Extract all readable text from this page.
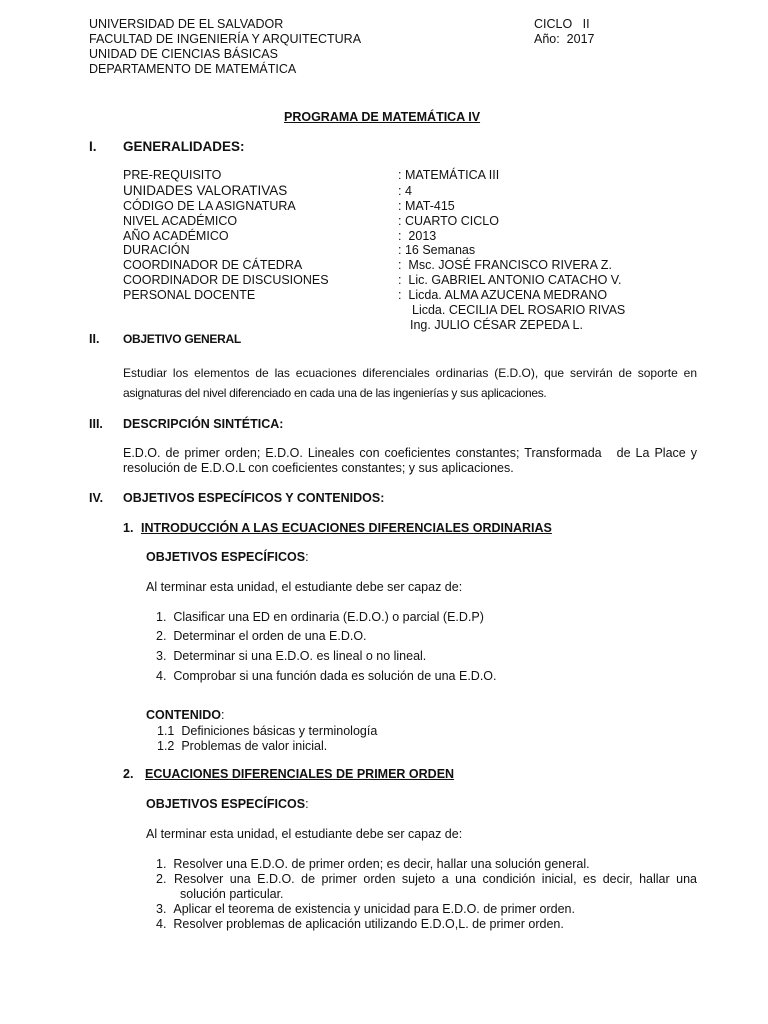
UNIVERSIDAD DE EL SALVADOR
FACULTAD DE INGENIERÍA Y ARQUITECTURA
UNIDAD DE CIENCIAS BÁSICAS
DEPARTAMENTO DE MATEMÁTICA
CICLO   II
Año:  2017
PROGRAMA DE MATEMÁTICA IV
I. GENERALIDADES:
PRE-REQUISITO	: MATEMÁTICA III
UNIDADES VALORATIVAS	: 4
CÓDIGO DE LA ASIGNATURA	: MAT-415
NIVEL ACADÉMICO	: CUARTO CICLO
AÑO ACADÉMICO	:  2013
DURACIÓN	: 16 Semanas
COORDINADOR DE CÁTEDRA	:  Msc. JOSÉ FRANCISCO RIVERA Z.
COORDINADOR DE DISCUSIONES	:  Lic. GABRIEL ANTONIO CATACHO V.
PERSONAL DOCENTE	:  Licda. ALMA AZUCENA MEDRANO
Licda. CECILIA DEL ROSARIO RIVAS
Ing. JULIO CÉSAR ZEPEDA L.
II. OBJETIVO GENERAL
Estudiar los elementos de las ecuaciones diferenciales ordinarias (E.D.O), que servirán de soporte en
asignaturas del nivel diferenciado en cada una de las ingenierías y sus aplicaciones.
III. DESCRIPCIÓN SINTÉTICA:
E.D.O. de primer orden; E.D.O. Lineales con coeficientes constantes; Transformada   de La Place y
resolución de E.D.O.L con coeficientes constantes; y sus aplicaciones.
IV. OBJETIVOS ESPECÍFICOS Y CONTENIDOS:
1. INTRODUCCIÓN A LAS ECUACIONES DIFERENCIALES ORDINARIAS
OBJETIVOS ESPECÍFICOS:
Al terminar esta unidad, el estudiante debe ser capaz de:
1.  Clasificar una ED en ordinaria (E.D.O.) o parcial (E.D.P)
2.  Determinar el orden de una E.D.O.
3.  Determinar si una E.D.O. es lineal o no lineal.
4.  Comprobar si una función dada es solución de una E.D.O.
CONTENIDO:
1.1 Definiciones básicas y terminología
1.2 Problemas de valor inicial.
2. ECUACIONES DIFERENCIALES DE PRIMER ORDEN
OBJETIVOS ESPECÍFICOS:
Al terminar esta unidad, el estudiante debe ser capaz de:
1.  Resolver una E.D.O. de primer orden; es decir, hallar una solución general.
2. Resolver una E.D.O. de primer orden sujeto a una condición inicial, es decir, hallar una
solución particular.
3.  Aplicar el teorema de existencia y unicidad para E.D.O. de primer orden.
4.  Resolver problemas de aplicación utilizando E.D.O,L. de primer orden.
